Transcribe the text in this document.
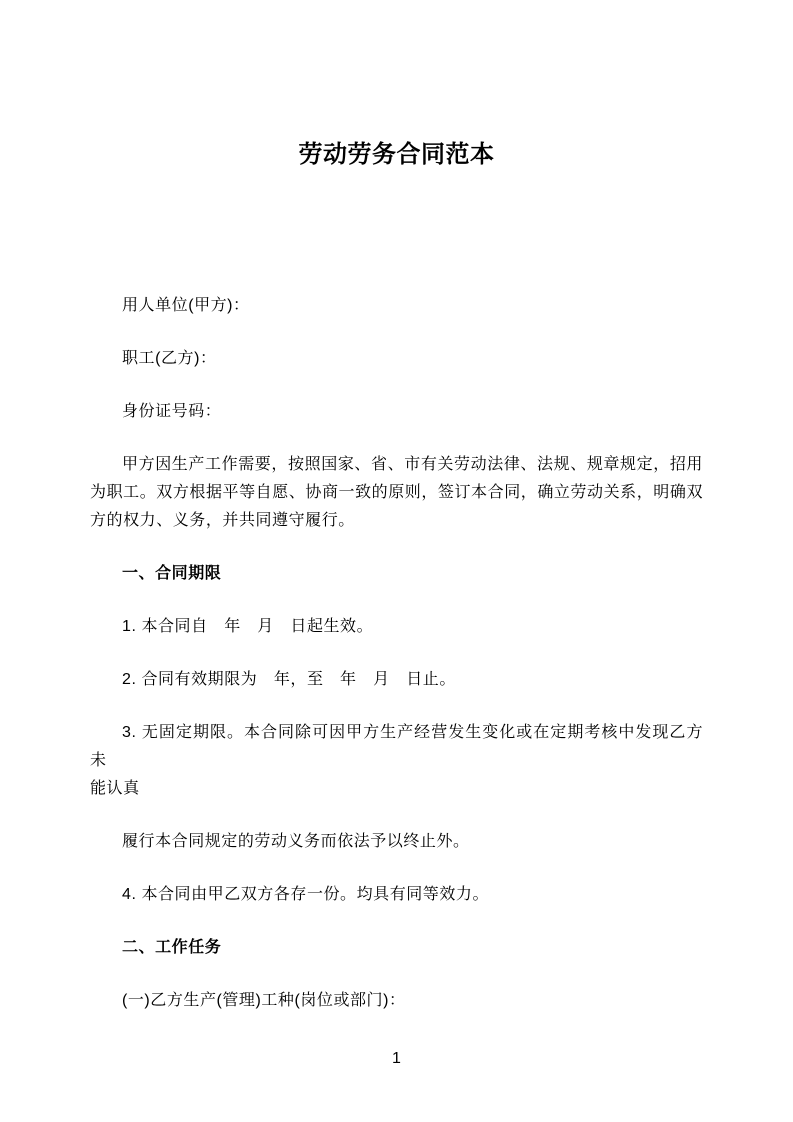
劳动劳务合同范本

用人单位(甲方)：

职工(乙方)：

身份证号码：

甲方因生产工作需要，按照国家、省、市有关劳动法律、法规、规章规定，招用为职工。双方根据平等自愿、协商一致的原则，签订本合同，确立劳动关系，明确双方的权力、义务，并共同遵守履行。

一、合同期限

1. 本合同自　年　月　日起生效。

2. 合同有效期限为　年，至　年　月　日止。

3. 无固定期限。本合同除可因甲方生产经营发生变化或在定期考核中发现乙方未
能认真

履行本合同规定的劳动义务而依法予以终止外。

4. 本合同由甲乙双方各存一份。均具有同等效力。

二、工作任务

(一)乙方生产(管理)工种(岗位或部门)：

1
